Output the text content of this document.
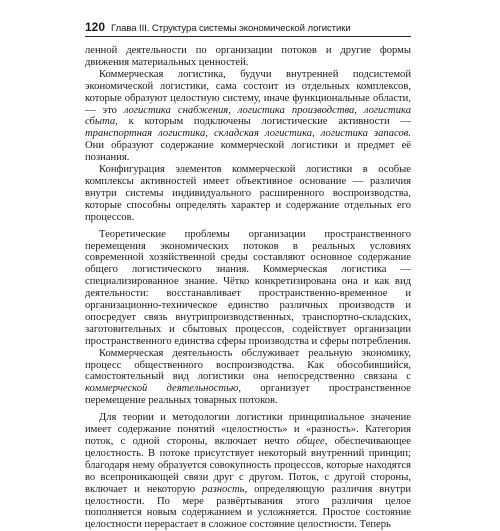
120 Глава III. Структура системы экономической логистики

ленной деятельности по организации потоков и другие формы движения материальных ценностей.

Коммерческая логистика, будучи внутренней подсистемой экономической логистики, сама состоит из отдельных комплексов, которые образуют целостную систему, иначе функциональные области, — это логистика снабжения, логистика производства, логистика сбыта, к которым подключены логистические активности — транспортная логистика, складская логистика, логистика запасов. Они образуют содержание коммерческой логистики и предмет её познания.

Конфигурация элементов коммерческой логистики в особые комплексы активностей имеет объективное основание — различия внутри системы индивидуального расширенного воспроизводства, которые способны определять характер и содержание отдельных его процессов.

Теоретические проблемы организации пространственного перемещения экономических потоков в реальных условиях современной хозяйственной среды составляют основное содержание общего логистического знания. Коммерческая логистика — специализированное знание. Чётко конкретизирована она и как вид деятельности: восстанавливает пространственно-временное и организационно-техническое единство различных производств и опосредует связь внутрипроизводственных, транспортно-складских, заготовительных и сбытовых процессов, содействует организации пространственного единства сферы производства и сферы потребления.

Коммерческая деятельность обслуживает реальную экономику, процесс общественного воспроизводства. Как обособившийся, самостоятельный вид логистики она непосредственно связана с коммерческой деятельностью, организует пространственное перемещение реальных товарных потоков.

Для теории и методологии логистики принципиальное значение имеет содержание понятий «целостность» и «разность». Категория поток, с одной стороны, включает нечто общее, обеспечивающее целостность. В потоке присутствует некоторый внутренний принцип; благодаря нему образуется совокупность процессов, которые находятся во всепроникающей связи друг с другом. Поток, с другой стороны, включает и некоторую разность, определяющую различия внутри целостности. По мере развёртывания этого различия целое пополняется новым содержанием и усложняется. Простое состояние целостности перерастает в сложное состояние целостности. Теперь
